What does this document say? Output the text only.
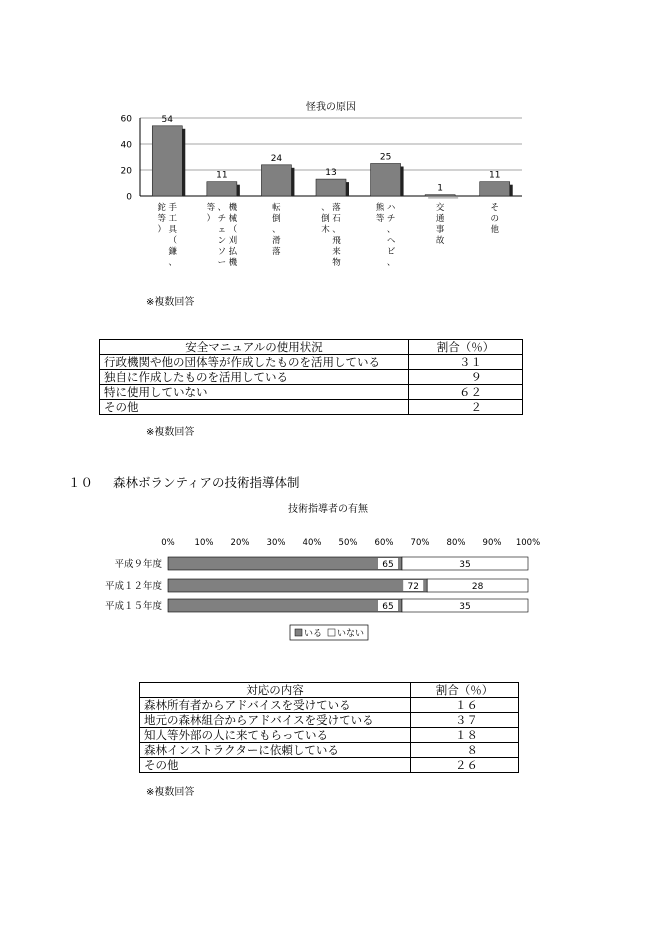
怪我の原因
60
40
20
0
54
手
工
具
（
鎌
、
鉈
等
）
11
機
械
（
刈
払
機
、
チ
ェ
ン
ソ
ー
等
）
24
転
倒
、
滑
落
13
落
石
、
飛
来
物
、
倒
木
25
ハ
チ
、
ヘ
ビ
、
熊
等
1
交
通
事
故
11
そ
の
他
※複数回答
安全マニュアルの使用状況	割合（％）
行政機関や他の団体等が作成したものを活用している	３１
独自に作成したものを活用している	９
特に使用していない	６２
その他	２
※複数回答
１０ 森林ボランティアの技術指導体制
技術指導者の有無
0% 10% 20% 30% 40% 50% 60% 70% 80% 90% 100%
平成９年度	65	35
平成１２年度	72	28
平成１５年度	65	35
いる いない
対応の内容	割合（％）
森林所有者からアドバイスを受けている	１６
地元の森林組合からアドバイスを受けている	３７
知人等外部の人に来てもらっている	１８
森林インストラクターに依頼している	８
その他	２６
※複数回答
